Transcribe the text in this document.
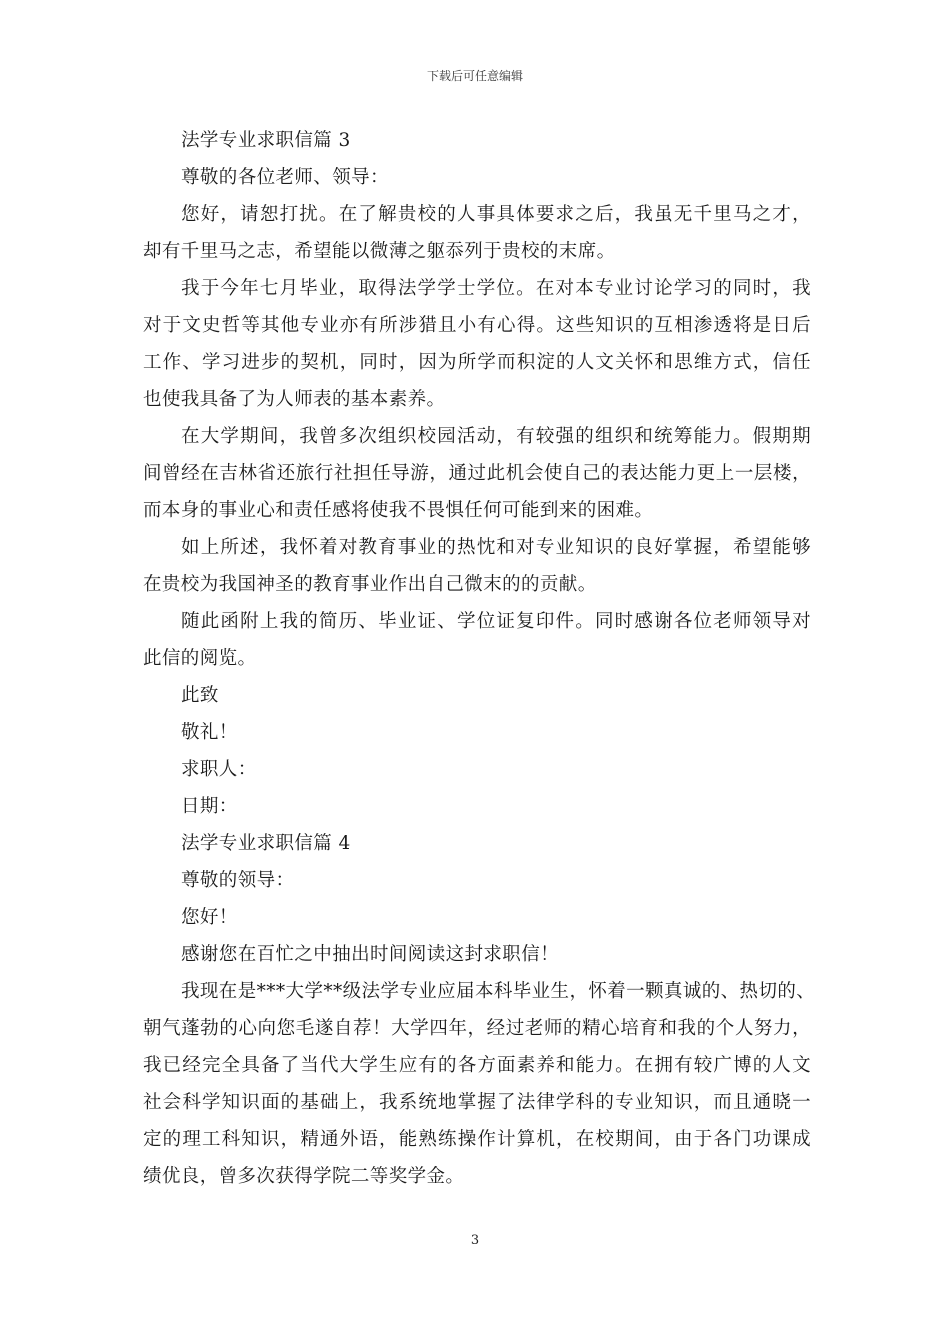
下载后可任意编辑
法学专业求职信篇 3
尊敬的各位老师、领导：
您好，请恕打扰。在了解贵校的人事具体要求之后，我虽无千里马之才，
却有千里马之志，希望能以微薄之躯忝列于贵校的末席。
我于今年七月毕业，取得法学学士学位。在对本专业讨论学习的同时，我
对于文史哲等其他专业亦有所涉猎且小有心得。这些知识的互相渗透将是日后
工作、学习进步的契机，同时，因为所学而积淀的人文关怀和思维方式，信任
也使我具备了为人师表的基本素养。
在大学期间，我曾多次组织校园活动，有较强的组织和统筹能力。假期期
间曾经在吉林省还旅行社担任导游，通过此机会使自己的表达能力更上一层楼，
而本身的事业心和责任感将使我不畏惧任何可能到来的困难。
如上所述，我怀着对教育事业的热忱和对专业知识的良好掌握，希望能够
在贵校为我国神圣的教育事业作出自己微末的的贡献。
随此函附上我的简历、毕业证、学位证复印件。同时感谢各位老师领导对
此信的阅览。
此致
敬礼！
求职人：
日期：
法学专业求职信篇 4
尊敬的领导：
您好！
感谢您在百忙之中抽出时间阅读这封求职信！
我现在是***大学**级法学专业应届本科毕业生，怀着一颗真诚的、热切的、
朝气蓬勃的心向您毛遂自荐！大学四年，经过老师的精心培育和我的个人努力，
我已经完全具备了当代大学生应有的各方面素养和能力。在拥有较广博的人文
社会科学知识面的基础上，我系统地掌握了法律学科的专业知识，而且通晓一
定的理工科知识，精通外语，能熟练操作计算机，在校期间，由于各门功课成
绩优良，曾多次获得学院二等奖学金。
3
